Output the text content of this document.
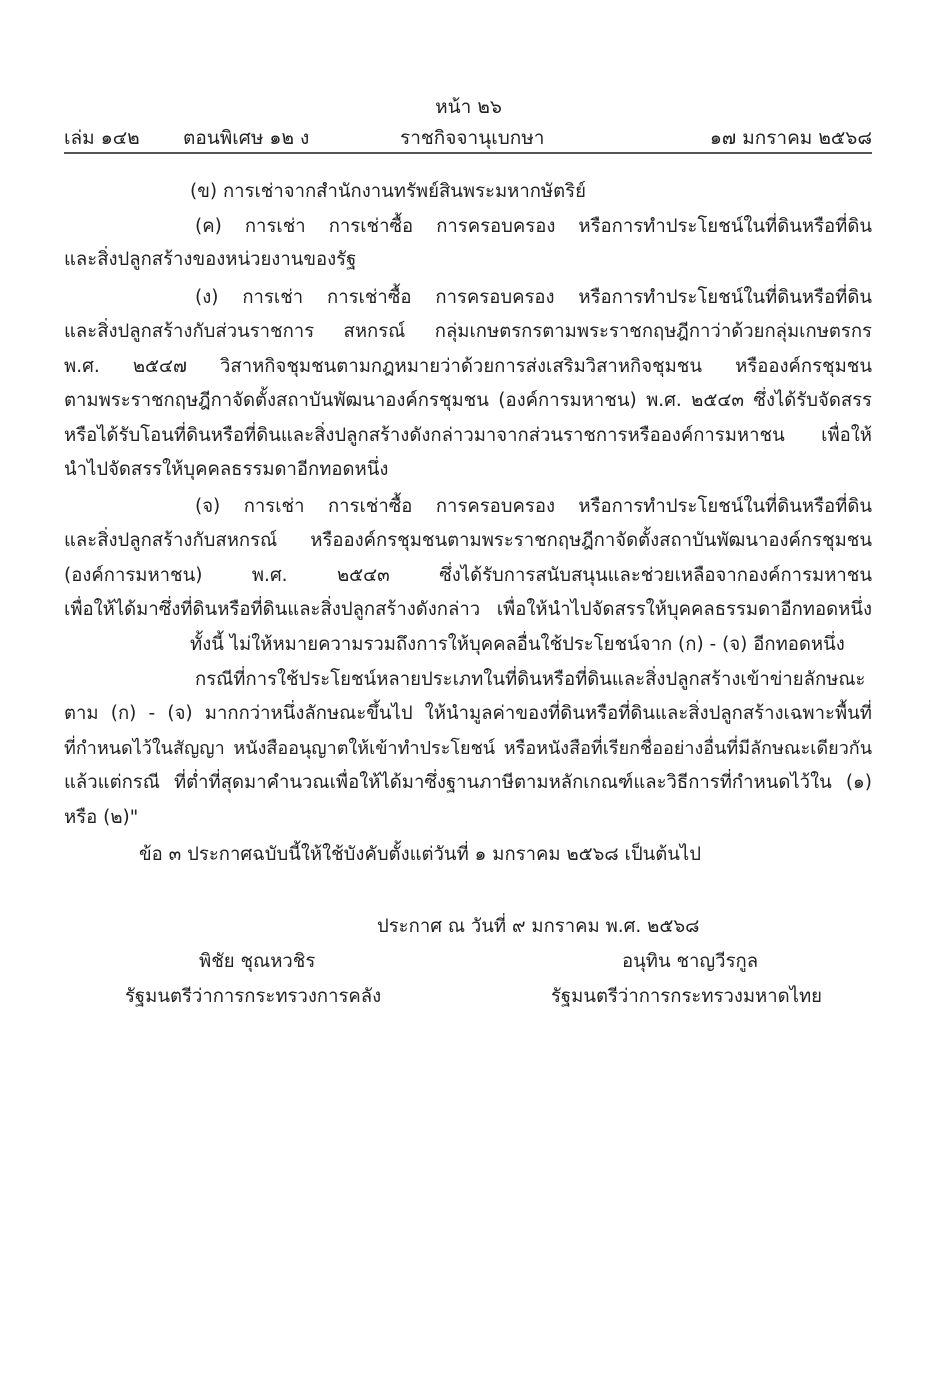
หน้า ๒๖
เล่ม ๑๔๒ ตอนพิเศษ ๑๒ ง	ราชกิจจานุเบกษา	๑๗ มกราคม ๒๕๖๘
(ข) การเช่าจากสำนักงานทรัพย์สินพระมหากษัตริย์
(ค) การเช่า การเช่าซื้อ การครอบครอง หรือการทำประโยชน์ในที่ดินหรือที่ดิน
และสิ่งปลูกสร้างของหน่วยงานของรัฐ
(ง) การเช่า การเช่าซื้อ การครอบครอง หรือการทำประโยชน์ในที่ดินหรือที่ดิน
และสิ่งปลูกสร้างกับส่วนราชการ สหกรณ์ กลุ่มเกษตรกรตามพระราชกฤษฎีกาว่าด้วยกลุ่มเกษตรกร
พ.ศ. ๒๕๔๗ วิสาหกิจชุมชนตามกฎหมายว่าด้วยการส่งเสริมวิสาหกิจชุมชน หรือองค์กรชุมชน
ตามพระราชกฤษฎีกาจัดตั้งสถาบันพัฒนาองค์กรชุมชน (องค์การมหาชน) พ.ศ. ๒๕๔๓ ซึ่งได้รับจัดสรร
หรือได้รับโอนที่ดินหรือที่ดินและสิ่งปลูกสร้างดังกล่าวมาจากส่วนราชการหรือองค์การมหาชน เพื่อให้
นำไปจัดสรรให้บุคคลธรรมดาอีกทอดหนึ่ง
(จ) การเช่า การเช่าซื้อ การครอบครอง หรือการทำประโยชน์ในที่ดินหรือที่ดิน
และสิ่งปลูกสร้างกับสหกรณ์ หรือองค์กรชุมชนตามพระราชกฤษฎีกาจัดตั้งสถาบันพัฒนาองค์กรชุมชน
(องค์การมหาชน) พ.ศ. ๒๕๔๓ ซึ่งได้รับการสนับสนุนและช่วยเหลือจากองค์การมหาชน
เพื่อให้ได้มาซึ่งที่ดินหรือที่ดินและสิ่งปลูกสร้างดังกล่าว เพื่อให้นำไปจัดสรรให้บุคคลธรรมดาอีกทอดหนึ่ง
ทั้งนี้ ไม่ให้หมายความรวมถึงการให้บุคคลอื่นใช้ประโยชน์จาก (ก) - (จ) อีกทอดหนึ่ง
กรณีที่การใช้ประโยชน์หลายประเภทในที่ดินหรือที่ดินและสิ่งปลูกสร้างเข้าข่ายลักษณะ
ตาม (ก) - (จ) มากกว่าหนึ่งลักษณะขึ้นไป ให้นำมูลค่าของที่ดินหรือที่ดินและสิ่งปลูกสร้างเฉพาะพื้นที่
ที่กำหนดไว้ในสัญญา หนังสืออนุญาตให้เข้าทำประโยชน์ หรือหนังสือที่เรียกชื่ออย่างอื่นที่มีลักษณะเดียวกัน
แล้วแต่กรณี ที่ต่ำที่สุดมาคำนวณเพื่อให้ได้มาซึ่งฐานภาษีตามหลักเกณฑ์และวิธีการที่กำหนดไว้ใน (๑)
หรือ (๒)"
ข้อ ๓ ประกาศฉบับนี้ให้ใช้บังคับตั้งแต่วันที่ ๑ มกราคม ๒๕๖๘ เป็นต้นไป
ประกาศ ณ วันที่ ๙ มกราคม พ.ศ. ๒๕๖๘
พิชัย ชุณหวชิร
รัฐมนตรีว่าการกระทรวงการคลัง
อนุทิน ชาญวีรกูล
รัฐมนตรีว่าการกระทรวงมหาดไทย
